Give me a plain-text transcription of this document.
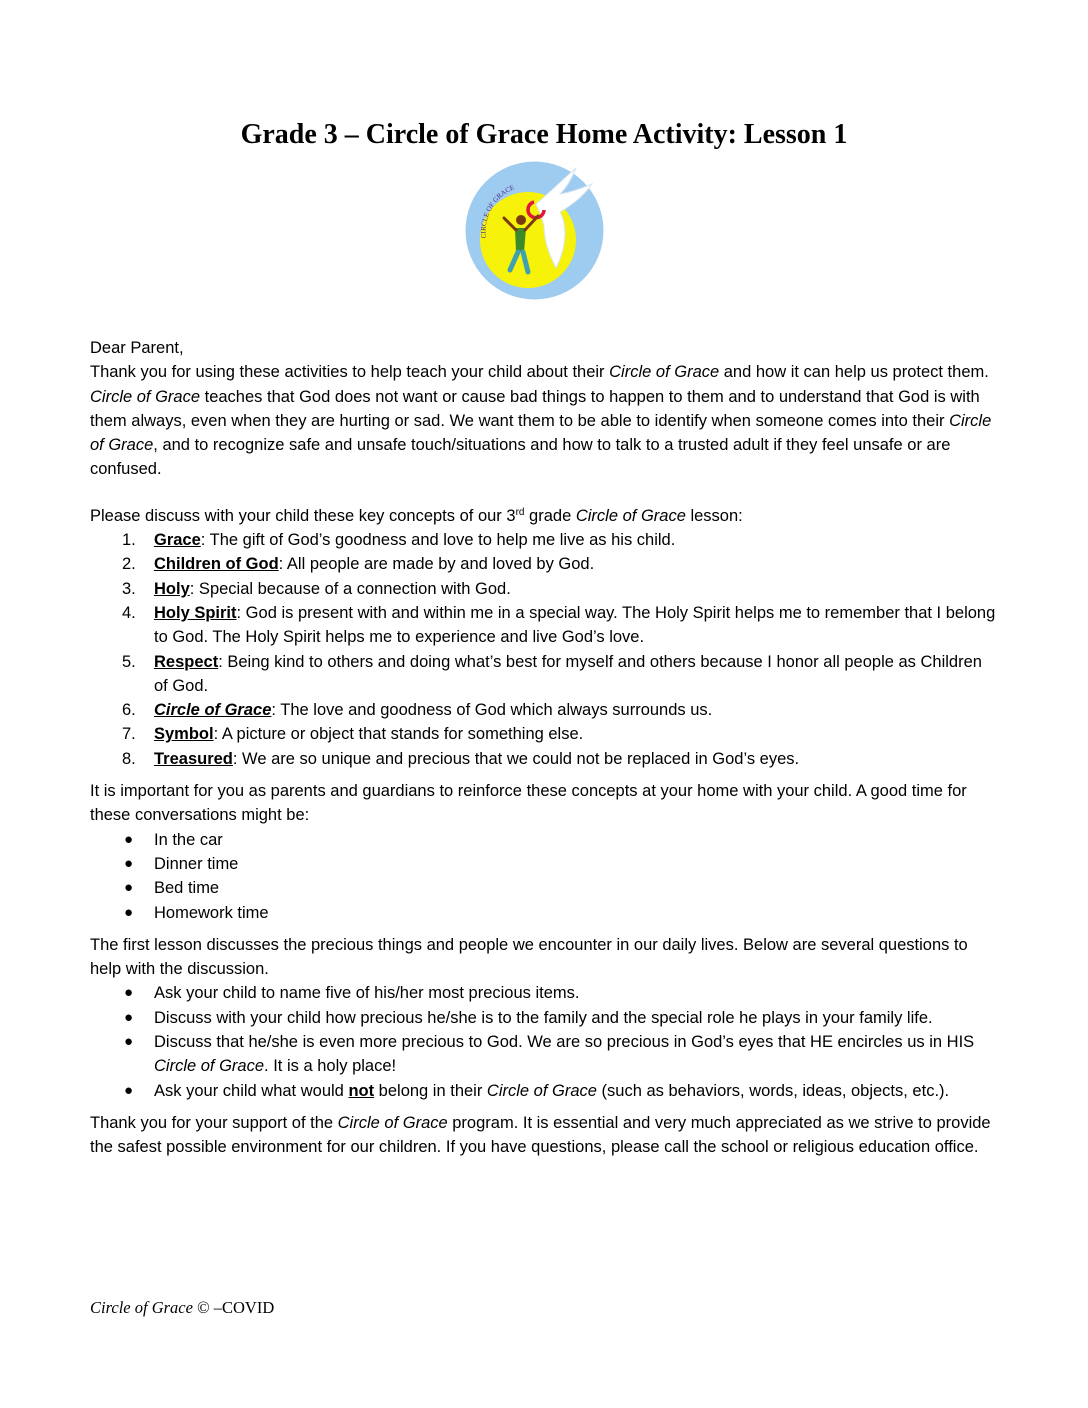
Grade 3 – Circle of Grace Home Activity: Lesson 1
CIRCLE OF GRACE

Dear Parent,

Thank you for using these activities to help teach your child about their Circle of Grace and how it can help us protect them. Circle of Grace teaches that God does not want or cause bad things to happen to them and to understand that God is with them always, even when they are hurting or sad. We want them to be able to identify when someone comes into their Circle of Grace, and to recognize safe and unsafe touch/situations and how to talk to a trusted adult if they feel unsafe or are confused.

Please discuss with your child these key concepts of our 3rd grade Circle of Grace lesson:

1. Grace: The gift of God’s goodness and love to help me live as his child.
2. Children of God: All people are made by and loved by God.
3. Holy: Special because of a connection with God.
4. Holy Spirit: God is present with and within me in a special way. The Holy Spirit helps me to remember that I belong to God. The Holy Spirit helps me to experience and live God’s love.
5. Respect: Being kind to others and doing what’s best for myself and others because I honor all people as Children of God.
6. Circle of Grace: The love and goodness of God which always surrounds us.
7. Symbol: A picture or object that stands for something else.
8. Treasured: We are so unique and precious that we could not be replaced in God’s eyes.

It is important for you as parents and guardians to reinforce these concepts at your home with your child. A good time for these conversations might be:

● In the car
● Dinner time
● Bed time
● Homework time

The first lesson discusses the precious things and people we encounter in our daily lives. Below are several questions to help with the discussion.

● Ask your child to name five of his/her most precious items.
● Discuss with your child how precious he/she is to the family and the special role he plays in your family life.
● Discuss that he/she is even more precious to God. We are so precious in God’s eyes that HE encircles us in HIS Circle of Grace. It is a holy place!
● Ask your child what would not belong in their Circle of Grace (such as behaviors, words, ideas, objects, etc.).

Thank you for your support of the Circle of Grace program. It is essential and very much appreciated as we strive to provide the safest possible environment for our children. If you have questions, please call the school or religious education office.

Circle of Grace © –COVID
